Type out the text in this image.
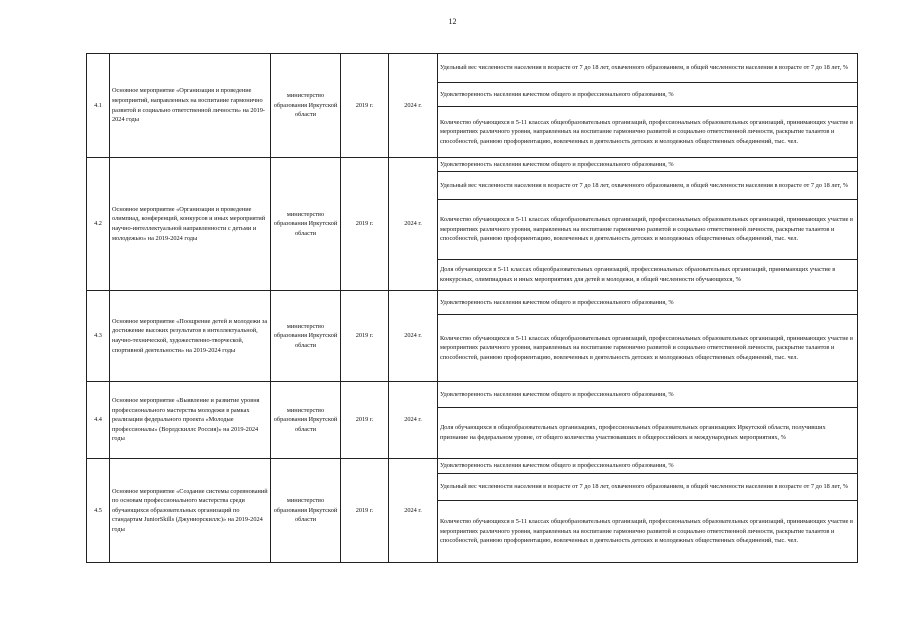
12
4.1	Основное мероприятие «Организация и проведение мероприятий, направленных на воспитание гармонично развитой и социально ответственной личности» на 2019-2024 годы	министерство образования Иркутской области	2019 г.	2024 г.	Удельный вес численности населения в возрасте от 7 до 18 лет, охваченного образованием, в общей численности населения в возрасте от 7 до 18 лет, %
					Удовлетворенность населения качеством общего и профессионального образования, %
					Количество обучающихся в 5-11 классах общеобразовательных организаций, профессиональных образовательных организаций, принимающих участие в мероприятиях различного уровня, направленных на воспитание гармонично развитой и социально ответственной личности, раскрытие талантов и способностей, раннюю профориентацию, вовлеченных в деятельность детских и молодежных общественных объединений, тыс. чел.
4.2	Основное мероприятие «Организация и проведение олимпиад, конференций, конкурсов и иных мероприятий научно-интеллектуальной направленности с детьми и молодежью» на 2019-2024 годы	министерство образования Иркутской области	2019 г.	2024 г.	Удовлетворенность населения качеством общего и профессионального образования, %
					Удельный вес численности населения в возрасте от 7 до 18 лет, охваченного образованием, в общей численности населения в возрасте от 7 до 18 лет, %
					Количество обучающихся в 5-11 классах общеобразовательных организаций, профессиональных образовательных организаций, принимающих участие в мероприятиях различного уровня, направленных на воспитание гармонично развитой и социально ответственной личности, раскрытие талантов и способностей, раннюю профориентацию, вовлеченных в деятельность детских и молодежных общественных объединений, тыс. чел.
					Доля обучающихся в 5-11 классах общеобразовательных организаций, профессиональных образовательных организаций, принимающих участие в конкурсных, олимпиадных и иных мероприятиях для детей и молодежи, в общей численности обучающихся, %
4.3	Основное мероприятие «Поощрение детей и молодежи за достижение высоких результатов в интеллектуальной, научно-технической, художественно-творческой, спортивной деятельности» на 2019-2024 годы	министерство образования Иркутской области	2019 г.	2024 г.	Удовлетворенность населения качеством общего и профессионального образования, %
					Количество обучающихся в 5-11 классах общеобразовательных организаций, профессиональных образовательных организаций, принимающих участие в мероприятиях различного уровня, направленных на воспитание гармонично развитой и социально ответственной личности, раскрытие талантов и способностей, раннюю профориентацию, вовлеченных в деятельность детских и молодежных общественных объединений, тыс. чел.
4.4	Основное мероприятие «Выявление и развитие уровня профессионального мастерства молодежи в рамках реализации федерального проекта «Молодые профессионалы» (Ворлдскиллс Россия)» на 2019-2024 годы	министерство образования Иркутской области	2019 г.	2024 г.	Удовлетворенность населения качеством общего и профессионального образования, %
					Доля обучающихся в общеобразовательных организациях, профессиональных образовательных организациях Иркутской области, получивших признание на федеральном уровне, от общего количества участвовавших в общероссийских и международных мероприятиях, %
4.5	Основное мероприятие «Создание системы соревнований по основам профессионального мастерства среди обучающихся образовательных организаций по стандартам JuniorSkills (Джуниорскиллс)» на 2019-2024 годы	министерство образования Иркутской области	2019 г.	2024 г.	Удовлетворенность населения качеством общего и профессионального образования, %
					Удельный вес численности населения в возрасте от 7 до 18 лет, охваченного образованием, в общей численности населения в возрасте от 7 до 18 лет, %
					Количество обучающихся в 5-11 классах общеобразовательных организаций, профессиональных образовательных организаций, принимающих участие в мероприятиях различного уровня, направленных на воспитание гармонично развитой и социально ответственной личности, раскрытие талантов и способностей, раннюю профориентацию, вовлеченных в деятельность детских и молодежных общественных объединений, тыс. чел.
